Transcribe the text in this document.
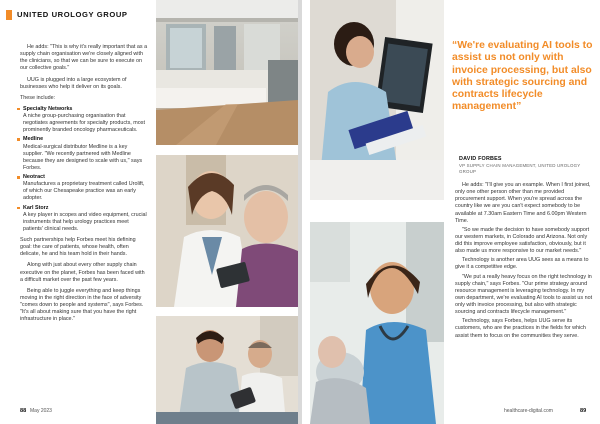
UNITED UROLOGY GROUP

He adds: "This is why it's really important that as a supply chain organisation we're closely aligned with the clinicians, so that we can be sure to execute on our collective goals."

UUG is plugged into a large ecosystem of businesses who help it deliver on its goals.

These include:

Specialty Networks
A niche group-purchasing organisation that negotiates agreements for specialty products, most prominently branded oncology pharmaceuticals.
Medline
Medical-surgical distributor Medline is a key supplier. "We recently partnered with Medline because they are designed to scale with us," says Forbes.
Neotract
Manufactures a proprietary treatment called Urolift, of which our Chesapeake practice was an early adopter.
Karl Storz
A key player in scopes and video equipment, crucial instruments that help urology practices meet patients' clinical needs.

Such partnerships help Forbes meet his defining goal: the care of patients, whose health, often delicate, he and his team hold in their hands.

Along with just about every other supply chain executive on the planet, Forbes has been faced with a difficult market over the past few years.

Being able to juggle everything and keep things moving in the right direction in the face of adversity "comes down to people and systems", says Forbes. "It's all about making sure that you have the right infrastructure in place."

88 May 2023
“We're evaluating AI tools to assist us not only with invoice processing, but also with strategic sourcing and contracts lifecycle management”
DAVID FORBES
VP SUPPLY CHAIN MANAGEMENT, UNITED UROLOGY GROUP

He adds: "I'll give you an example. When I first joined, only one other person other than me provided procurement support. When you're spread across the country like we are you can't expect somebody to be available at 7.30am Eastern Time and 6.00pm Western Time.

"So we made the decision to have somebody support our western markets, in Colorado and Arizona. Not only did this improve employee satisfaction, obviously, but it also made us more responsive to our market needs."

Technology is another area UUG sees as a means to give it a competitive edge.

"We put a really heavy focus on the right technology in supply chain," says Forbes. "Our prime strategy around resource management is leveraging technology. In my own department, we're evaluating AI tools to assist us not only with invoice processing, but also with strategic sourcing and contracts lifecycle management."

Technology, says Forbes, helps UUG serve its customers, who are the practices in the fields for which assist them to focus on the communities they serve.

healthcare-digital.com	89
